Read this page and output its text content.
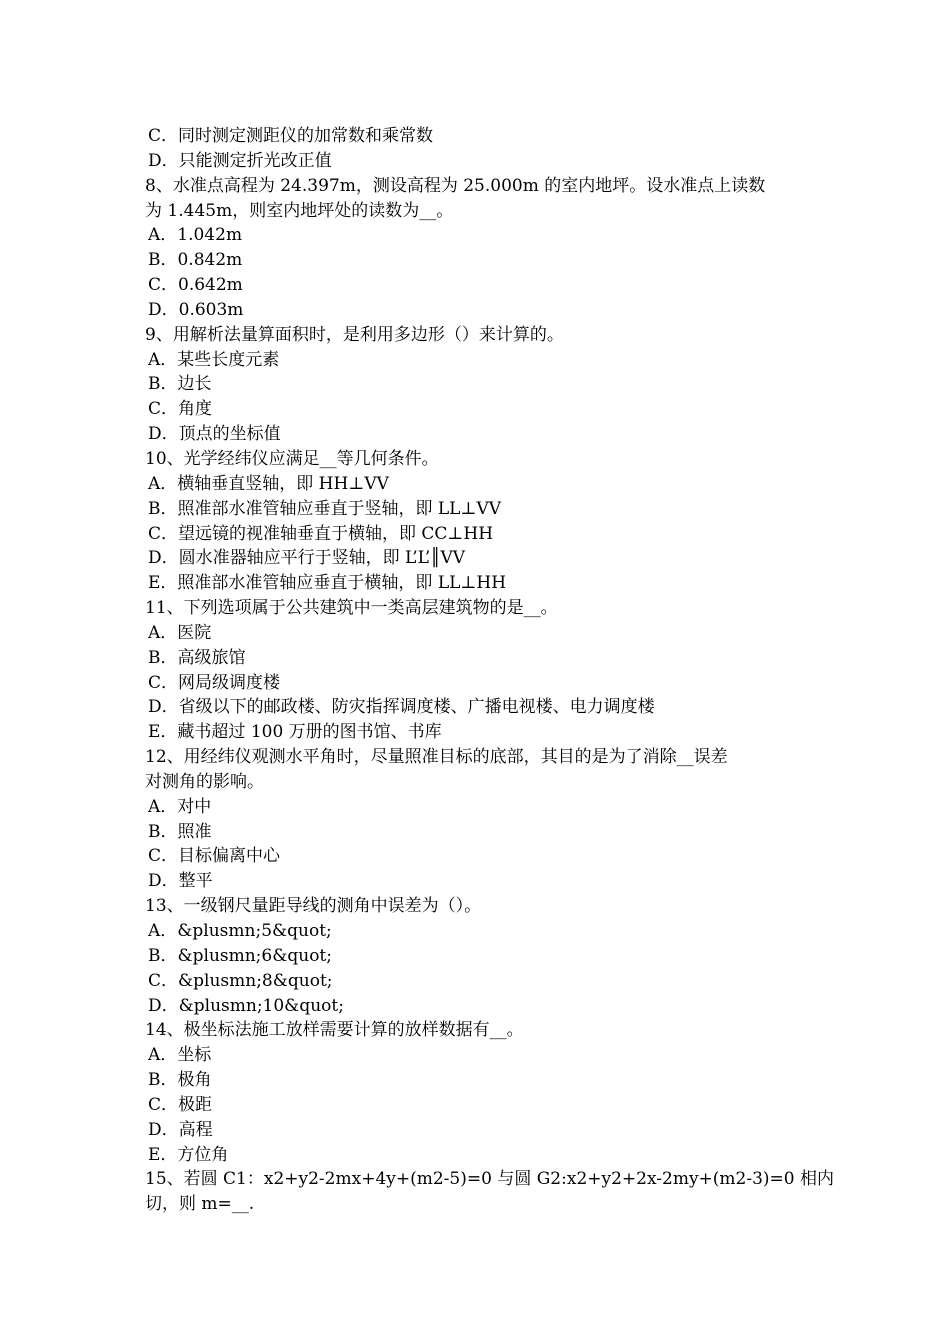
C．同时测定测距仪的加常数和乘常数
D．只能测定折光改正值
8、水准点高程为 24.397m，测设高程为 25.000m 的室内地坪。设水准点上读数
为 1.445m，则室内地坪处的读数为__。
A．1.042m
B．0.842m
C．0.642m
D．0.603m
9、用解析法量算面积时，是利用多边形（）来计算的。
A．某些长度元素
B．边长
C．角度
D．顶点的坐标值
10、光学经纬仪应满足__等几何条件。
A．横轴垂直竖轴，即 HH⊥VV
B．照准部水准管轴应垂直于竖轴，即 LL⊥VV
C．望远镜的视准轴垂直于横轴，即 CC⊥HH
D．圆水准器轴应平行于竖轴，即 L’L’║VV
E．照准部水准管轴应垂直于横轴，即 LL⊥HH
11、下列选项属于公共建筑中一类高层建筑物的是__。
A．医院
B．高级旅馆
C．网局级调度楼
D．省级以下的邮政楼、防灾指挥调度楼、广播电视楼、电力调度楼
E．藏书超过 100 万册的图书馆、书库
12、用经纬仪观测水平角时，尽量照准目标的底部，其目的是为了消除__误差
对测角的影响。
A．对中
B．照准
C．目标偏离中心
D．整平
13、一级钢尺量距导线的测角中误差为（）。
A．&plusmn;5&quot;
B．&plusmn;6&quot;
C．&plusmn;8&quot;
D．&plusmn;10&quot;
14、极坐标法施工放样需要计算的放样数据有__。
A．坐标
B．极角
C．极距
D．高程
E．方位角
15、若圆 C1：x2+y2-2mx+4y+(m2-5)=0 与圆 G2:x2+y2+2x-2my+(m2-3)=0 相内
切，则 m=__.
